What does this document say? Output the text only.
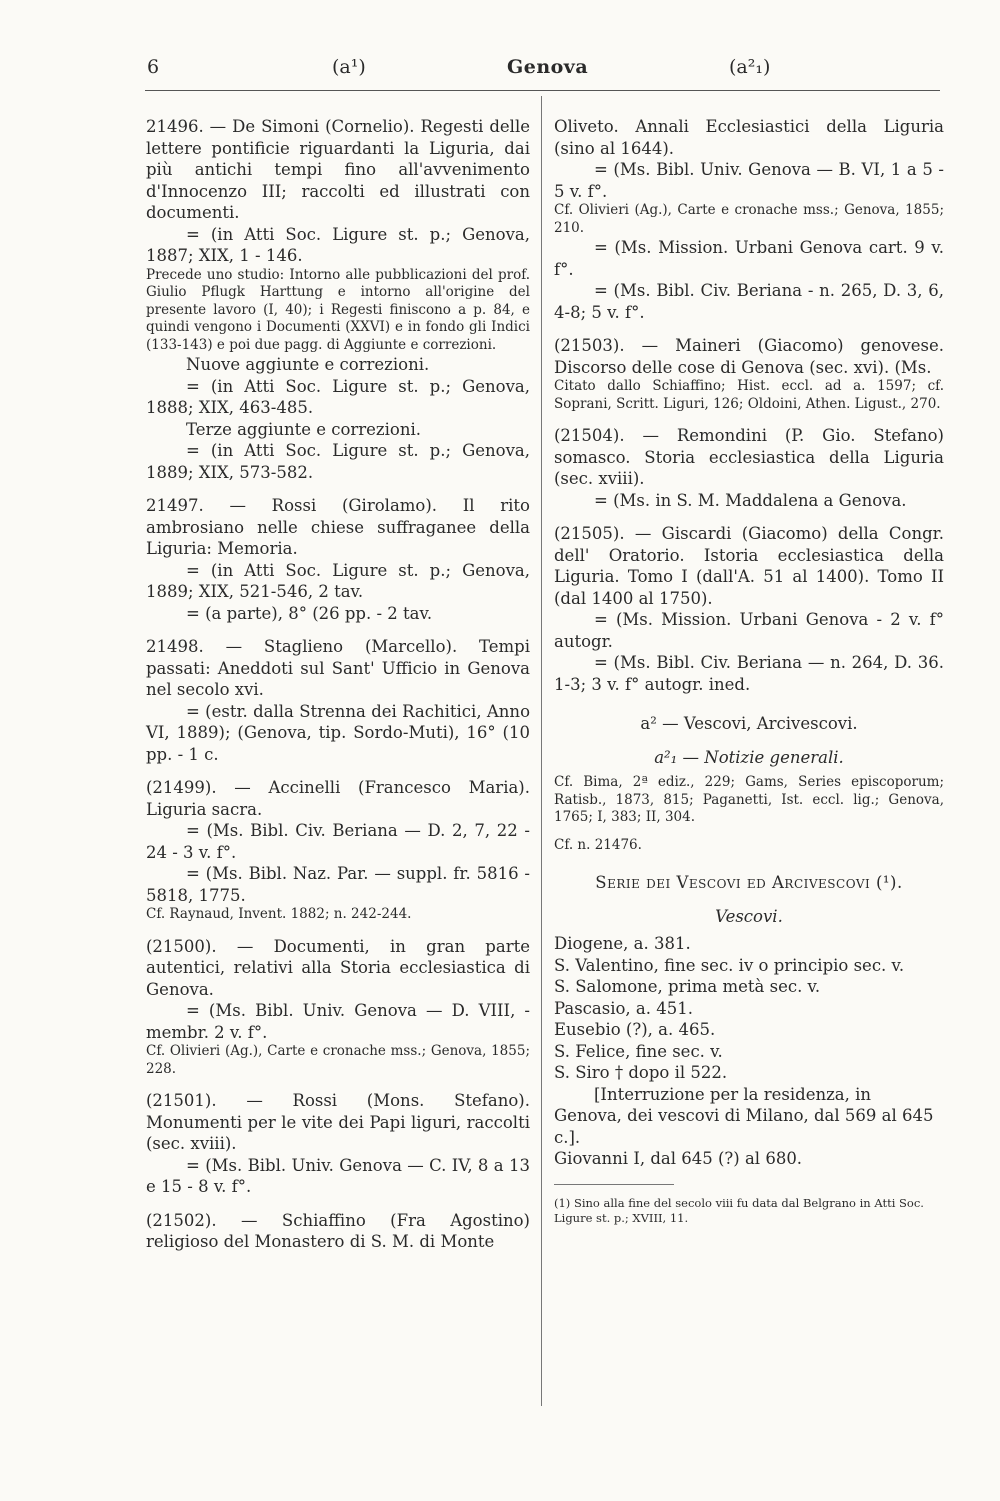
6	(a¹)	Genova	(a²₁)

21496. — De Simoni (Cornelio). Regesti delle lettere pontificie riguardanti la Liguria, dai più antichi tempi fino all'avvenimento d'Innocenzo III; raccolti ed illustrati con documenti.

= (in Atti Soc. Ligure st. p.; Genova, 1887; XIX, 1 - 146.

Precede uno studio: Intorno alle pubblicazioni del prof. Giulio Pflugk Harttung e intorno all'origine del presente lavoro (I, 40); i Regesti finiscono a p. 84, e quindi vengono i Documenti (XXVI) e in fondo gli Indici (133-143) e poi due pagg. di Aggiunte e correzioni.

Nuove aggiunte e correzioni.

= (in Atti Soc. Ligure st. p.; Genova, 1888; XIX, 463-485.

Terze aggiunte e correzioni.

= (in Atti Soc. Ligure st. p.; Genova, 1889; XIX, 573-582.

21497. — Rossi (Girolamo). Il rito ambrosiano nelle chiese suffraganee della Liguria: Memoria.

= (in Atti Soc. Ligure st. p.; Genova, 1889; XIX, 521-546, 2 tav.

= (a parte), 8° (26 pp. - 2 tav.

21498. — Staglieno (Marcello). Tempi passati: Aneddoti sul Sant' Ufficio in Genova nel secolo xvi.

= (estr. dalla Strenna dei Rachitici, Anno VI, 1889); (Genova, tip. Sordo-Muti), 16° (10 pp. - 1 c.

(21499). — Accinelli (Francesco Maria). Liguria sacra.

= (Ms. Bibl. Civ. Beriana — D. 2, 7, 22 - 24 - 3 v. f°.

= (Ms. Bibl. Naz. Par. — suppl. fr. 5816 - 5818, 1775.

Cf. Raynaud, Invent. 1882; n. 242-244.

(21500). — Documenti, in gran parte autentici, relativi alla Storia ecclesiastica di Genova.

= (Ms. Bibl. Univ. Genova — D. VIII, - membr. 2 v. f°.

Cf. Olivieri (Ag.), Carte e cronache mss.; Genova, 1855; 228.

(21501). — Rossi (Mons. Stefano). Monumenti per le vite dei Papi liguri, raccolti (sec. xviii).

= (Ms. Bibl. Univ. Genova — C. IV, 8 a 13 e 15 - 8 v. f°.

(21502). — Schiaffino (Fra Agostino) religioso del Monastero di S. M. di Monte

Oliveto. Annali Ecclesiastici della Liguria (sino al 1644).

= (Ms. Bibl. Univ. Genova — B. VI, 1 a 5 - 5 v. f°.

Cf. Olivieri (Ag.), Carte e cronache mss.; Genova, 1855; 210.

= (Ms. Mission. Urbani Genova cart. 9 v. f°.

= (Ms. Bibl. Civ. Beriana - n. 265, D. 3, 6, 4-8; 5 v. f°.

(21503). — Maineri (Giacomo) genovese. Discorso delle cose di Genova (sec. xvi). (Ms.

Citato dallo Schiaffino; Hist. eccl. ad a. 1597; cf. Soprani, Scritt. Liguri, 126; Oldoini, Athen. Ligust., 270.

(21504). — Remondini (P. Gio. Stefano) somasco. Storia ecclesiastica della Liguria (sec. xviii).

= (Ms. in S. M. Maddalena a Genova.

(21505). — Giscardi (Giacomo) della Congr. dell' Oratorio. Istoria ecclesiastica della Liguria. Tomo I (dall'A. 51 al 1400). Tomo II (dal 1400 al 1750).

= (Ms. Mission. Urbani Genova - 2 v. f° autogr.

= (Ms. Bibl. Civ. Beriana — n. 264, D. 36. 1-3; 3 v. f° autogr. ined.

a² — Vescovi, Arcivescovi.

a²₁ — Notizie generali.

Cf. Bima, 2ª ediz., 229; Gams, Series episcoporum; Ratisb., 1873, 815; Paganetti, Ist. eccl. lig.; Genova, 1765; I, 383; II, 304.

Cf. n. 21476.

Serie dei Vescovi ed Arcivescovi (¹).

Vescovi.

Diogene, a. 381.

S. Valentino, fine sec. iv o principio sec. v.

S. Salomone, prima metà sec. v.

Pascasio, a. 451.

Eusebio (?), a. 465.

S. Felice, fine sec. v.

S. Siro † dopo il 522.

[Interruzione per la residenza, in Genova, dei vescovi di Milano, dal 569 al 645 c.].

Giovanni I, dal 645 (?) al 680.

(1) Sino alla fine del secolo viii fu data dal Belgrano in Atti Soc. Ligure st. p.; XVIII, 11.
